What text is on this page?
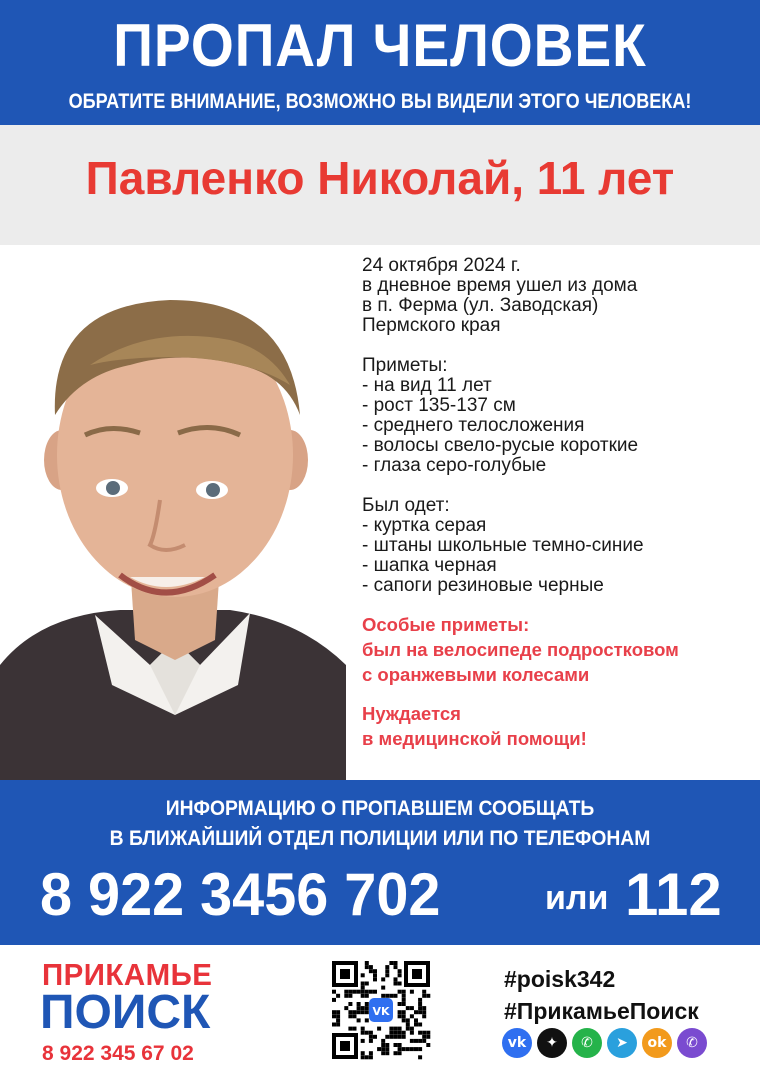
ПРОПАЛ ЧЕЛОВЕК
ОБРАТИТЕ ВНИМАНИЕ, ВОЗМОЖНО ВЫ ВИДЕЛИ ЭТОГО ЧЕЛОВЕКА!
Павленко Николай, 11 лет

24 октября 2024 г.

в дневное время ушел из дома

в п. Ферма (ул. Заводская)

Пермского края

Приметы:

- на вид 11 лет

- рост 135-137 см

- среднего телосложения

- волосы свело-русые короткие

- глаза серо-голубые

Был одет:

- куртка серая

- штаны школьные темно-синие

- шапка черная

- сапоги резиновые черные

Особые приметы:

был на велосипеде подростковом

с оранжевыми колесами

Нуждается

в медицинской помощи!

ИНФОРМАЦИЮ О ПРОПАВШЕМ СООБЩАТЬ
В БЛИЖАЙШИЙ ОТДЕЛ ПОЛИЦИИ ИЛИ ПО ТЕЛЕФОНАМ
8 922 3456 702	или 112
ПРИКАМЬЕ
ПОИСК
8 922 345 67 02
VK
#poisk342
#ПрикамьеПоиск
vk	✦	✆	➤	ok	✆
